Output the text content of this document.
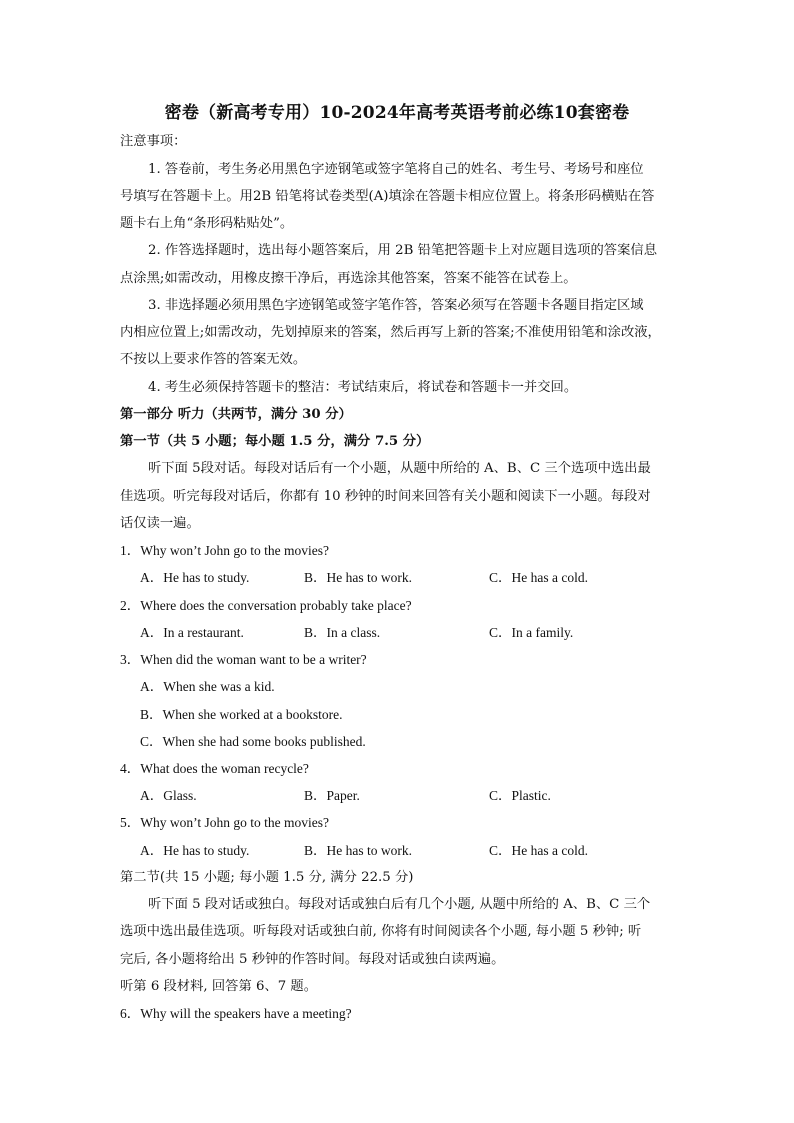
密卷（新高考专用）10-2024年高考英语考前必练10套密卷
注意事项：
1. 答卷前，考生务必用黑色字迹钢笔或签字笔将自己的姓名、考生号、考场号和座位
号填写在答题卡上。用2B 铅笔将试卷类型(A)填涂在答题卡相应位置上。将条形码横贴在答
题卡右上角“条形码粘贴处”。
2. 作答选择题时，选出每小题答案后，用 2B 铅笔把答题卡上对应题目选项的答案信息
点涂黑;如需改动，用橡皮擦干净后，再选涂其他答案，答案不能答在试卷上。
3. 非选择题必须用黑色字迹钢笔或签字笔作答，答案必须写在答题卡各题目指定区域
内相应位置上;如需改动，先划掉原来的答案，然后再写上新的答案;不准使用铅笔和涂改液，
不按以上要求作答的答案无效。
4. 考生必须保持答题卡的整洁：考试结束后，将试卷和答题卡一并交回。
第一部分 听力（共两节，满分 30 分）
第一节（共 5 小题；每小题 1.5 分，满分 7.5 分）
听下面 5段对话。每段对话后有一个小题，从题中所给的 A、B、C 三个选项中选出最
佳选项。听完每段对话后，你都有 10 秒钟的时间来回答有关小题和阅读下一小题。每段对
话仅读一遍。
1．Why won’t John go to the movies?
A．He has to study.	B．He has to work.	C．He has a cold.
2．Where does the conversation probably take place?
A．In a restaurant.	B．In a class.	C．In a family.
3．When did the woman want to be a writer?
A．When she was a kid.
B．When she worked at a bookstore.
C．When she had some books published.
4．What does the woman recycle?
A．Glass.	B．Paper.	C．Plastic.
5．Why won’t John go to the movies?
A．He has to study.	B．He has to work.	C．He has a cold.
第二节(共 15 小题; 每小题 1.5 分, 满分 22.5 分)
听下面 5 段对话或独白。每段对话或独白后有几个小题, 从题中所给的 A、B、C 三个
选项中选出最佳选项。听每段对话或独白前, 你将有时间阅读各个小题, 每小题 5 秒钟; 听
完后, 各小题将给出 5 秒钟的作答时间。每段对话或独白读两遍。
听第 6 段材料, 回答第 6、7 题。
6．Why will the speakers have a meeting?
